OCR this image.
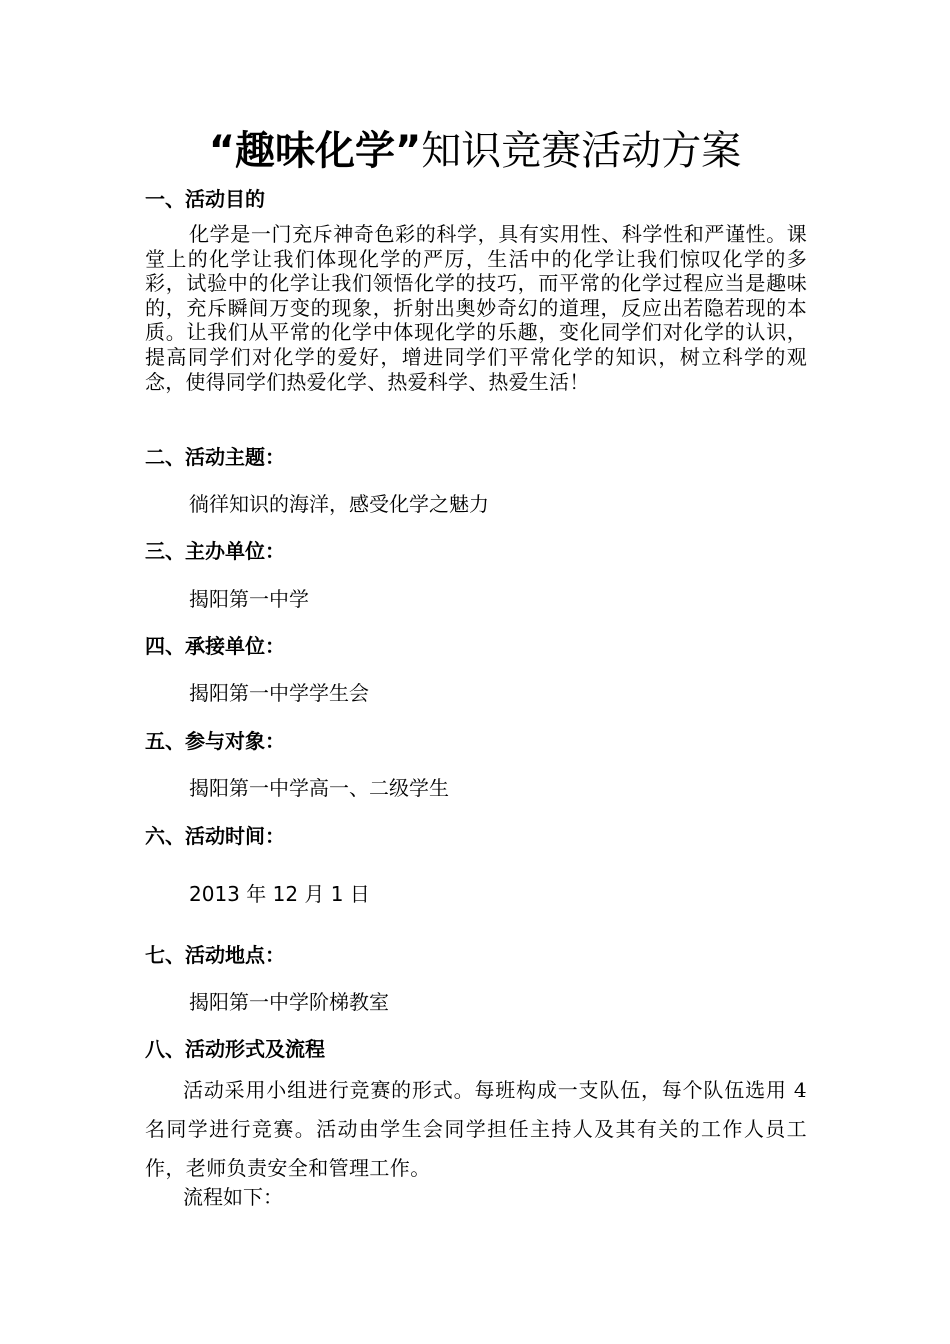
“趣味化学”知识竞赛活动方案
一、活动目的
化学是一门充斥神奇色彩的科学，具有实用性、科学性和严谨性。课堂上的化学让我们体现化学的严厉，生活中的化学让我们惊叹化学的多彩，试验中的化学让我们领悟化学的技巧，而平常的化学过程应当是趣味的，充斥瞬间万变的现象，折射出奥妙奇幻的道理，反应出若隐若现的本质。让我们从平常的化学中体现化学的乐趣，变化同学们对化学的认识，提高同学们对化学的爱好，增进同学们平常化学的知识，树立科学的观念，使得同学们热爱化学、热爱科学、热爱生活！
二、活动主题：
徜徉知识的海洋，感受化学之魅力
三、主办单位：
揭阳第一中学
四、承接单位：
揭阳第一中学学生会
五、参与对象：
揭阳第一中学高一、二级学生
六、活动时间：
2013 年 12 月 1 日
七、活动地点：
揭阳第一中学阶梯教室
八、活动形式及流程
活动采用小组进行竞赛的形式。每班构成一支队伍，每个队伍选用 4 名同学进行竞赛。活动由学生会同学担任主持人及其有关的工作人员工作，老师负责安全和管理工作。
流程如下：
